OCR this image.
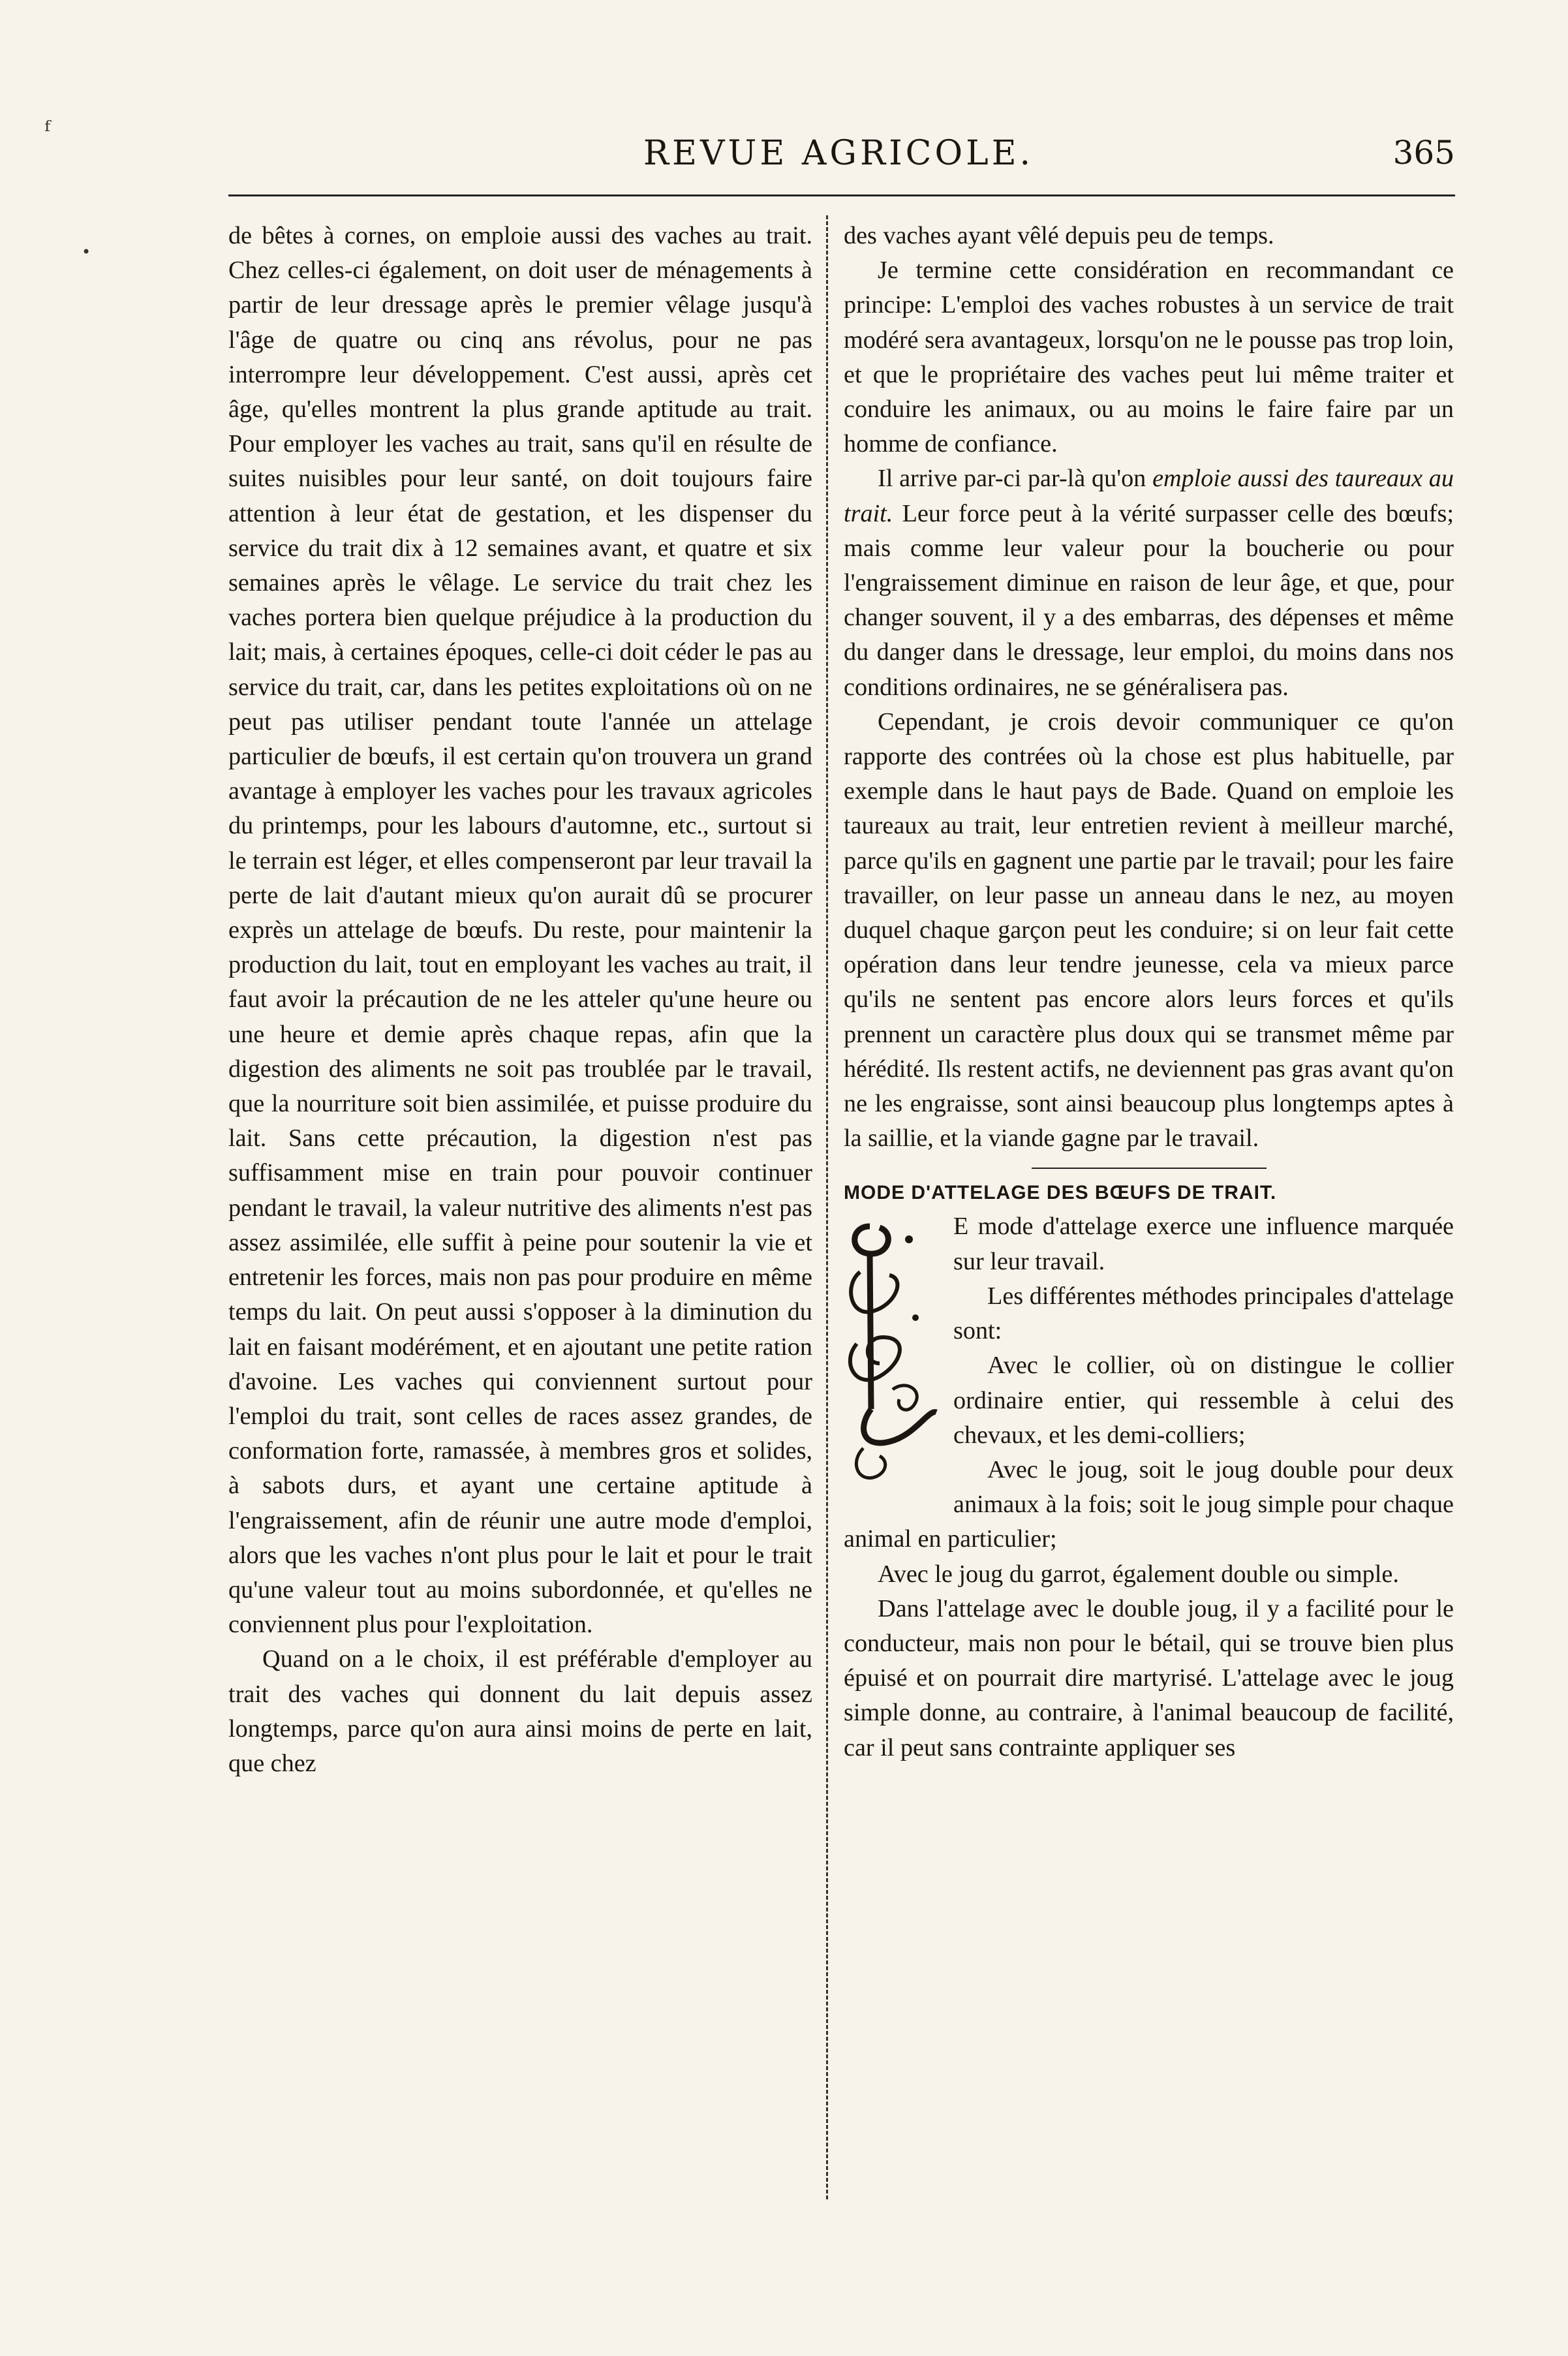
ᶠ
•
REVUE AGRICOLE.	365

de bêtes à cornes, on emploie aussi des vaches au trait. Chez celles-ci également, on doit user de ménagements à partir de leur dressage après le premier vêlage jusqu'à l'âge de quatre ou cinq ans révolus, pour ne pas interrompre leur développement. C'est aussi, après cet âge, qu'elles montrent la plus grande aptitude au trait. Pour employer les vaches au trait, sans qu'il en résulte de suites nuisibles pour leur santé, on doit toujours faire attention à leur état de gestation, et les dispenser du service du trait dix à 12 semaines avant, et quatre et six semaines après le vêlage. Le service du trait chez les vaches portera bien quelque préjudice à la production du lait; mais, à certaines époques, celle-ci doit céder le pas au service du trait, car, dans les petites exploitations où on ne peut pas utiliser pendant toute l'année un attelage particulier de bœufs, il est certain qu'on trouvera un grand avantage à employer les vaches pour les travaux agricoles du printemps, pour les labours d'automne, etc., surtout si le terrain est léger, et elles compenseront par leur travail la perte de lait d'autant mieux qu'on aurait dû se procurer exprès un attelage de bœufs. Du reste, pour maintenir la production du lait, tout en employant les vaches au trait, il faut avoir la précaution de ne les atteler qu'une heure ou une heure et demie après chaque repas, afin que la digestion des aliments ne soit pas troublée par le travail, que la nourriture soit bien assimilée, et puisse produire du lait. Sans cette précaution, la digestion n'est pas suffisamment mise en train pour pouvoir continuer pendant le travail, la valeur nutritive des aliments n'est pas assez assimilée, elle suffit à peine pour soutenir la vie et entretenir les forces, mais non pas pour produire en même temps du lait. On peut aussi s'opposer à la diminution du lait en faisant modérément, et en ajoutant une petite ration d'avoine. Les vaches qui conviennent surtout pour l'emploi du trait, sont celles de races assez grandes, de conformation forte, ramassée, à membres gros et solides, à sabots durs, et ayant une certaine aptitude à l'engraissement, afin de réunir une autre mode d'emploi, alors que les vaches n'ont plus pour le lait et pour le trait qu'une valeur tout au moins subordonnée, et qu'elles ne conviennent plus pour l'exploitation.

Quand on a le choix, il est préférable d'employer au trait des vaches qui donnent du lait depuis assez longtemps, parce qu'on aura ainsi moins de perte en lait, que chez

des vaches ayant vêlé depuis peu de temps.

Je termine cette considération en recommandant ce principe: L'emploi des vaches robustes à un service de trait modéré sera avantageux, lorsqu'on ne le pousse pas trop loin, et que le propriétaire des vaches peut lui même traiter et conduire les animaux, ou au moins le faire faire par un homme de confiance.

Il arrive par-ci par-là qu'on emploie aussi des taureaux au trait. Leur force peut à la vérité surpasser celle des bœufs; mais comme leur valeur pour la boucherie ou pour l'engraissement diminue en raison de leur âge, et que, pour changer souvent, il y a des embarras, des dépenses et même du danger dans le dressage, leur emploi, du moins dans nos conditions ordinaires, ne se généralisera pas.

Cependant, je crois devoir communiquer ce qu'on rapporte des contrées où la chose est plus habituelle, par exemple dans le haut pays de Bade. Quand on emploie les taureaux au trait, leur entretien revient à meilleur marché, parce qu'ils en gagnent une partie par le travail; pour les faire travailler, on leur passe un anneau dans le nez, au moyen duquel chaque garçon peut les conduire; si on leur fait cette opération dans leur tendre jeunesse, cela va mieux parce qu'ils ne sentent pas encore alors leurs forces et qu'ils prennent un caractère plus doux qui se transmet même par hérédité. Ils restent actifs, ne deviennent pas gras avant qu'on ne les engraisse, sont ainsi beaucoup plus longtemps aptes à la saillie, et la viande gagne par le travail.

MODE D'ATTELAGE DES BŒUFS DE TRAIT.

E mode d'attelage exerce une influence marquée sur leur travail.

Les différentes méthodes principales d'attelage sont:

Avec le collier, où on distingue le collier ordinaire entier, qui ressemble à celui des chevaux, et les demi-colliers;

Avec le joug, soit le joug double pour deux animaux à la fois; soit le joug simple pour chaque animal en particulier;

Avec le joug du garrot, également double ou simple.

Dans l'attelage avec le double joug, il y a facilité pour le conducteur, mais non pour le bétail, qui se trouve bien plus épuisé et on pourrait dire martyrisé. L'attelage avec le joug simple donne, au contraire, à l'animal beaucoup de facilité, car il peut sans contrainte appliquer ses
